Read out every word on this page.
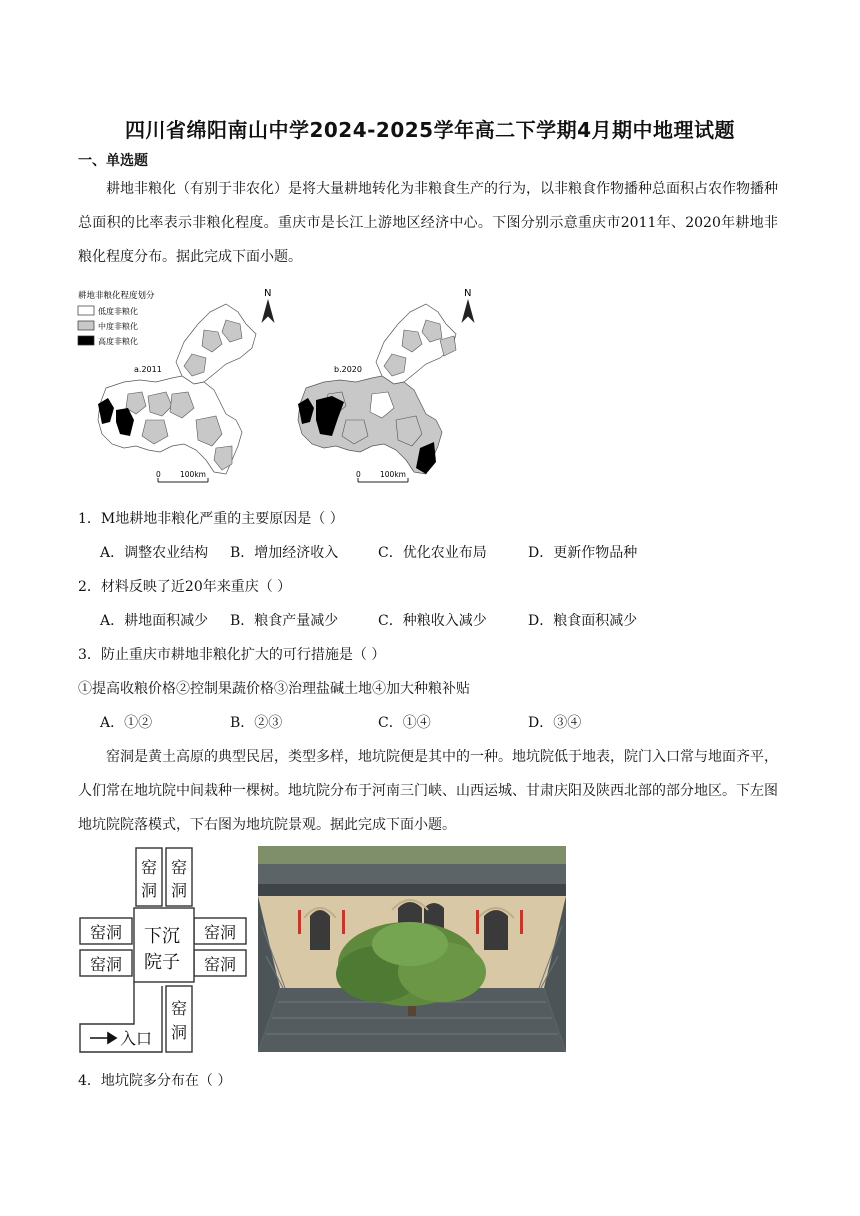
四川省绵阳南山中学2024-2025学年高二下学期4月期中地理试题
一、单选题
耕地非粮化（有别于非农化）是将大量耕地转化为非粮食生产的行为，以非粮食作物播种总面积占农作物播种总面积的比率表示非粮化程度。重庆市是长江上游地区经济中心。下图分别示意重庆市2011年、2020年耕地非粮化程度分布。据此完成下面小题。
耕地非粮化程度划分
低度非粮化
中度非粮化
高度非粮化
a.2011
N
0	100km
b.2020
N
0	100km
1．M地耕地非粮化严重的主要原因是（ ）
A．调整农业结构 B．增加经济收入	C．优化农业布局	D．更新作物品种
2．材料反映了近20年来重庆（ ）
A．耕地面积减少 B．粮食产量减少	C．种粮收入减少	D．粮食面积减少
3．防止重庆市耕地非粮化扩大的可行措施是（ ）
①提高收粮价格②控制果蔬价格③治理盐碱土地④加大种粮补贴
A．①②	B．②③	C．①④	D．③④
窑洞是黄土高原的典型民居，类型多样，地坑院便是其中的一种。地坑院低于地表，院门入口常与地面齐平，人们常在地坑院中间栽种一棵树。地坑院分布于河南三门峡、山西运城、甘肃庆阳及陕西北部的部分地区。下左图地坑院院落模式，下右图为地坑院景观。据此完成下面小题。
窑
洞
窑
洞
窑洞
窑洞
窑洞
窑洞
下沉
院子
窑
洞
入口
4．地坑院多分布在（ ）
